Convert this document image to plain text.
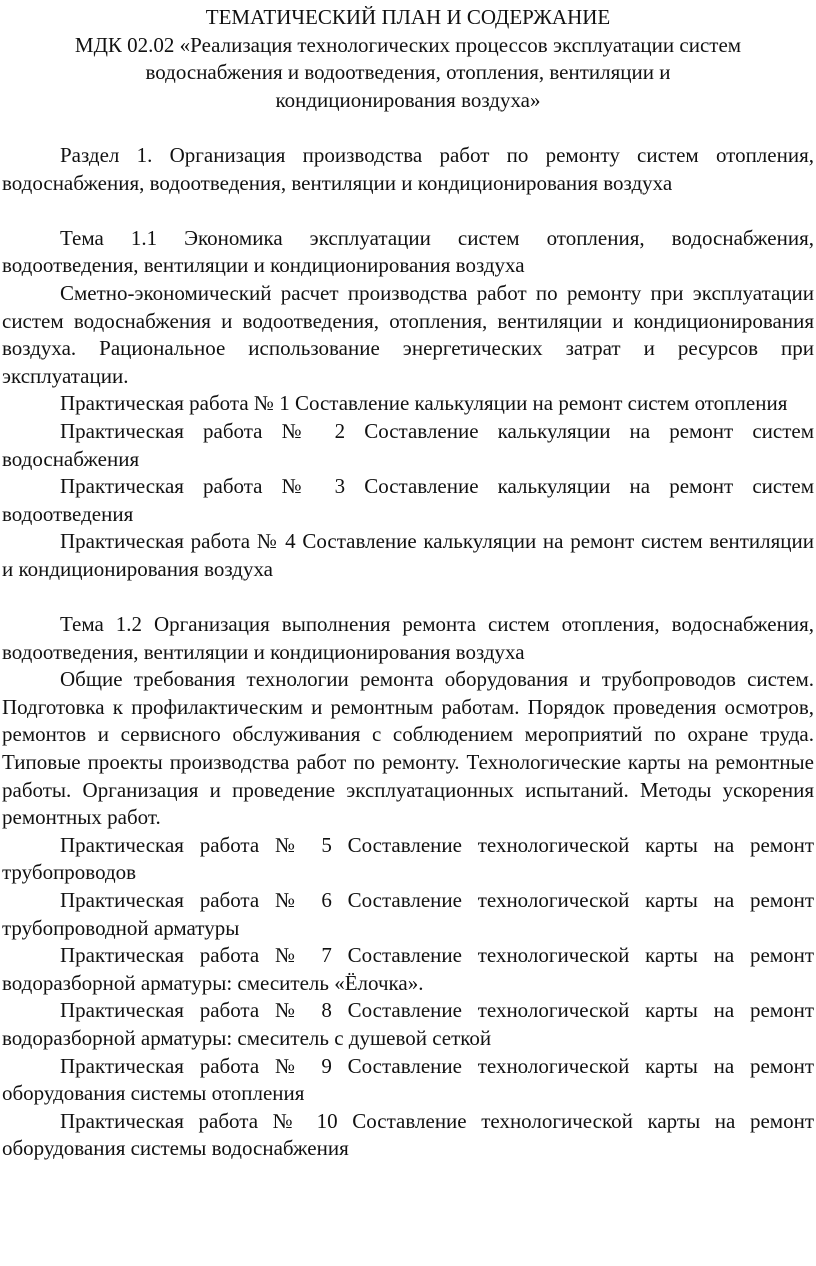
ТЕМАТИЧЕСКИЙ ПЛАН И СОДЕРЖАНИЕ
МДК 02.02 «Реализация технологических процессов эксплуатации систем
водоснабжения и водоотведения, отопления, вентиляции и
кондиционирования воздуха»

Раздел 1. Организация производства работ по ремонту систем отопления, водоснабжения, водоотведения, вентиляции и кондиционирования воздуха

Тема 1.1 Экономика эксплуатации систем отопления, водоснабжения, водоотведения, вентиляции и кондиционирования воздуха

Сметно-экономический расчет производства работ по ремонту при эксплуатации систем водоснабжения и водоотведения, отопления, вентиляции и кондиционирования воздуха. Рациональное использование энергетических затрат и ресурсов при эксплуатации.

Практическая работа № 1 Составление калькуляции на ремонт систем отопления

Практическая работа № 2 Составление калькуляции на ремонт систем водоснабжения

Практическая работа № 3 Составление калькуляции на ремонт систем водоотведения

Практическая работа № 4 Составление калькуляции на ремонт систем вентиляции и кондиционирования воздуха

Тема 1.2 Организация выполнения ремонта систем отопления, водоснабжения, водоотведения, вентиляции и кондиционирования воздуха

Общие требования технологии ремонта оборудования и трубопроводов систем. Подготовка к профилактическим и ремонтным работам. Порядок проведения осмотров, ремонтов и сервисного обслуживания с соблюдением мероприятий по охране труда. Типовые проекты производства работ по ремонту. Технологические карты на ремонтные работы. Организация и проведение эксплуатационных испытаний. Методы ускорения ремонтных работ.

Практическая работа № 5 Составление технологической карты на ремонт трубопроводов

Практическая работа № 6 Составление технологической карты на ремонт трубопроводной арматуры

Практическая работа № 7 Составление технологической карты на ремонт водоразборной арматуры: смеситель «Ёлочка».

Практическая работа № 8 Составление технологической карты на ремонт водоразборной арматуры: смеситель с душевой сеткой

Практическая работа № 9 Составление технологической карты на ремонт оборудования системы отопления

Практическая работа № 10 Составление технологической карты на ремонт оборудования системы водоснабжения
